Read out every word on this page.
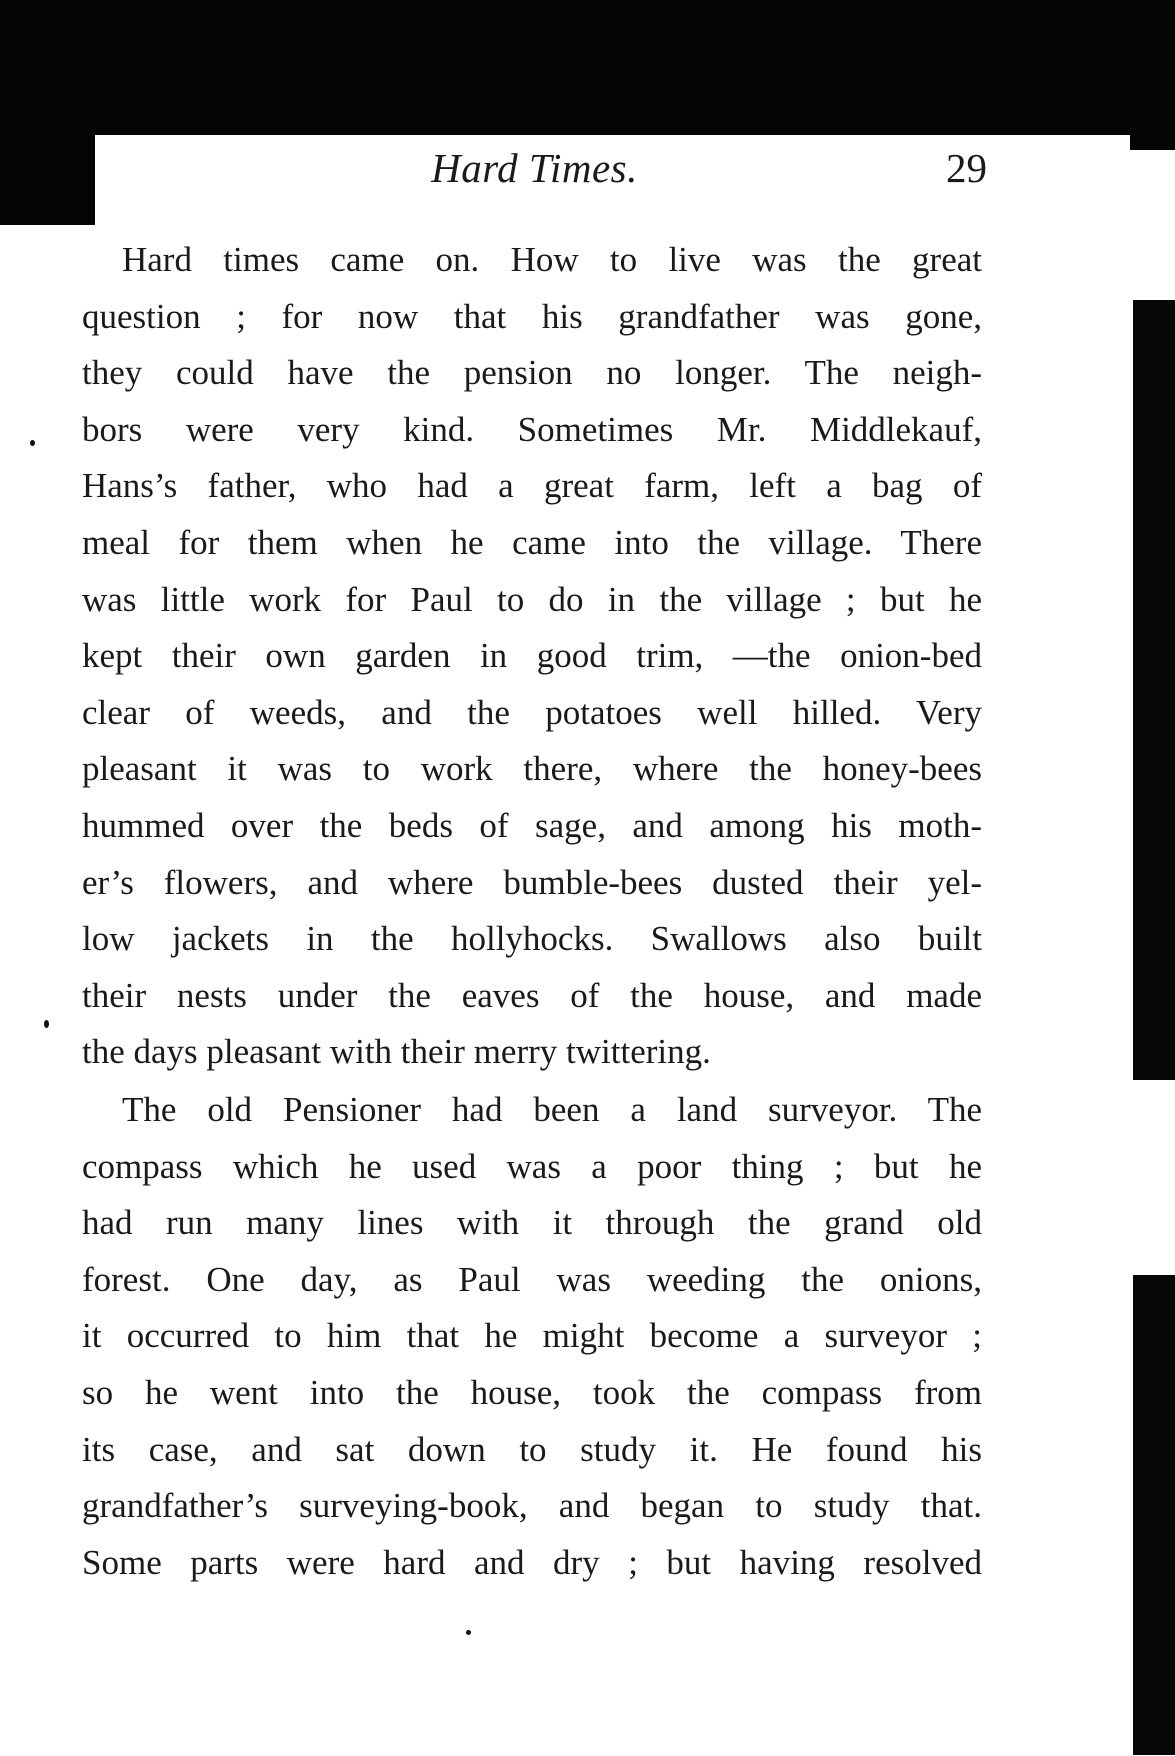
Hard Times.	29

Hard times came on. How to live was the great

question ; for now that his grandfather was gone,

they could have the pension no longer. The neigh-

bors were very kind. Sometimes Mr. Middlekauf,

Hans’s father, who had a great farm, left a bag of

meal for them when he came into the village. There

was little work for Paul to do in the village ; but he

kept their own garden in good trim, —the onion-bed

clear of weeds, and the potatoes well hilled. Very

pleasant it was to work there, where the honey-bees

hummed over the beds of sage, and among his moth-

er’s flowers, and where bumble-bees dusted their yel-

low jackets in the hollyhocks. Swallows also built

their nests under the eaves of the house, and made

the days pleasant with their merry twittering.

The old Pensioner had been a land surveyor. The

compass which he used was a poor thing ; but he

had run many lines with it through the grand old

forest. One day, as Paul was weeding the onions,

it occurred to him that he might become a surveyor ;

so he went into the house, took the compass from

its case, and sat down to study it. He found his

grandfather’s surveying-book, and began to study that.

Some parts were hard and dry ; but having resolved
